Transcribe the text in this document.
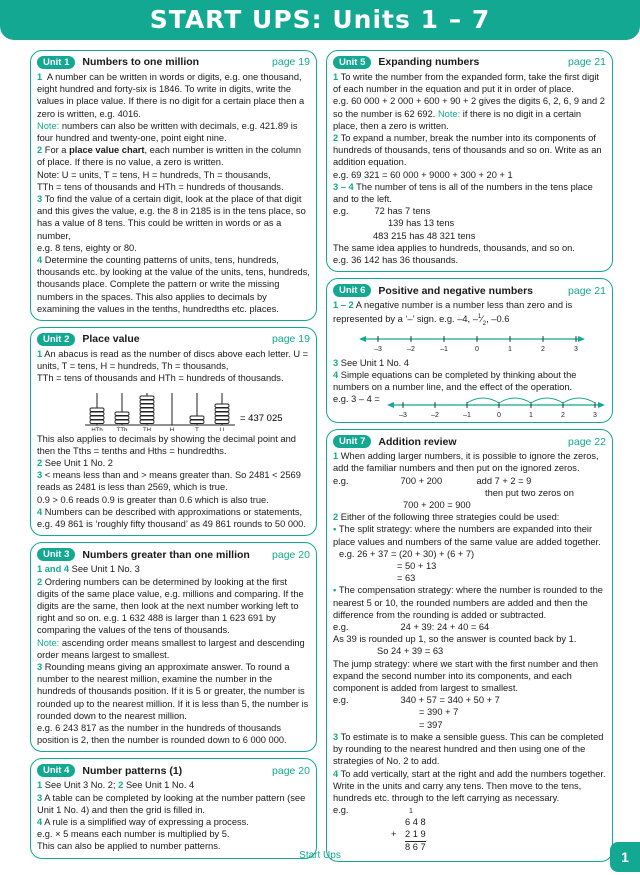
START UPS: Units 1 – 7
Unit 1	Numbers to one million	page 19

1 A number can be written in words or digits, e.g. one thousand, eight hundred and forty-six is 1846. To write in digits, write the values in place value. If there is no digit for a certain place then a zero is written, e.g. 4016.

Note: numbers can also be written with decimals, e.g. 421.89 is four hundred and twenty-one, point eight nine.

2 For a place value chart, each number is written in the column of place. If there is no value, a zero is written.

Note: U = units, T = tens, H = hundreds, Th = thousands,

TTh = tens of thousands and HTh = hundreds of thousands.

3 To find the value of a certain digit, look at the place of that digit and this gives the value, e.g. the 8 in 2185 is in the tens place, so has a value of 8 tens. This could be written in words or as a number,

e.g. 8 tens, eighty or 80.

4 Determine the counting patterns of units, tens, hundreds, thousands etc. by looking at the value of the units, tens, hundreds, thousands place. Complete the pattern or write the missing numbers in the spaces. This also applies to decimals by examining the values in the tenths, hundredths etc. places.

Unit 2	Place value	page 19

1 An abacus is read as the number of discs above each letter. U = units, T = tens, H = hundreds, Th = thousands,

TTh = tens of thousands and HTh = hundreds of thousands.

HTh TTh	TH	H	T	U
= 437 025

This also applies to decimals by showing the decimal point and then the Tths = tenths and Hths = hundredths.

2 See Unit 1 No. 2

3 < means less than and > means greater than. So 2481 < 2569 reads as 2481 is less than 2569, which is true.

0.9 > 0.6 reads 0.9 is greater than 0.6 which is also true.

4 Numbers can be described with approximations or statements,

e.g. 49 861 is ‘roughly fifty thousand’ as 49 861 rounds to 50 000.

Unit 3	Numbers greater than one million	page 20

1 and 4 See Unit 1 No. 3

2 Ordering numbers can be determined by looking at the first digits of the same place value, e.g. millions and comparing. If the digits are the same, then look at the next number working left to right and so on. e.g. 1 632 488 is larger than 1 623 691 by comparing the values of the tens of thousands.

Note: ascending order means smallest to largest and descending order means largest to smallest.

3 Rounding means giving an approximate answer. To round a number to the nearest million, examine the number in the hundreds of thousands position. If it is 5 or greater, the number is rounded up to the nearest million. If it is less than 5, the number is rounded down to the nearest million.

e.g. 6 243 817 as the number in the hundreds of thousands position is 2, then the number is rounded down to 6 000 000.

Unit 4	Number patterns (1)	page 20

1 See Unit 3 No. 2; 2 See Unit 1 No. 4

3 A table can be completed by looking at the number pattern (see Unit 1 No. 4) and then the grid is filled in.

4 A rule is a simplified way of expressing a process.

e.g. × 5 means each number is multiplied by 5.

This can also be applied to number patterns.

Unit 5	Expanding numbers	page 21

1 To write the number from the expanded form, take the first digit of each number in the equation and put it in order of place.

e.g. 60 000 + 2 000 + 600 + 90 + 2 gives the digits 6, 2, 6, 9 and 2 so the number is 62 692. Note: if there is no digit in a certain place, then a zero is written.

2 To expand a number, break the number into its components of hundreds of thousands, tens of thousands and so on. Write as an addition equation.

e.g. 69 321 = 60 000 + 9000 + 300 + 20 + 1

3 – 4 The number of tens is all of the numbers in the tens place and to the left.

e.g.	72 has 7 tens

139 has 13 tens

483 215 has 48 321 tens

The same idea applies to hundreds, thousands, and so on.

e.g. 36 142 has 36 thousands.

Unit 6	Positive and negative numbers	page 21

1 – 2 A negative number is a number less than zero and is represented by a ‘–’ sign. e.g. –4, $-^1⁄_2$, –0.6

–3	–2	–1	0	1	2	3

3 See Unit 1 No. 4

4 Simple equations can be completed by thinking about the numbers on a number line, and the effect of the operation.

e.g. 3 – 4 =
–3	–2	–1	0	1	2	3
Unit 7	Addition review	page 22

1 When adding larger numbers, it is possible to ignore the zeros, add the familiar numbers and then put on the ignored zeros.

e.g.	700 + 200	add 7 + 2 = 9

then put two zeros on

700 + 200 = 900

2 Either of the following three strategies could be used:

• The split strategy: where the numbers are expanded into their place values and numbers of the same value are added together.

e.g. 26 + 37 = (20 + 30) + (6 + 7)

= 50 + 13

= 63

• The compensation strategy: where the number is rounded to the nearest 5 or 10, the rounded numbers are added and then the difference from the rounding is added or subtracted.

e.g.	24 + 39: 24 + 40 = 64

As 39 is rounded up 1, so the answer is counted back by 1.

So 24 + 39 = 63

The jump strategy: where we start with the first number and then expand the second number into its components, and each component is added from largest to smallest.

e.g.	340 + 57 = 340 + 50 + 7

= 390 + 7

= 397

3 To estimate is to make a sensible guess. This can be completed by rounding to the nearest hundred and then using one of the strategies of No. 2 to add.

4 To add vertically, start at the right and add the numbers together. Write in the units and carry any tens. Then move to the tens, hundreds etc. through to the left carrying as necessary.

e.g.	1
6 4 8
+ 2 1 9
8 6 7
Start Ups	1
